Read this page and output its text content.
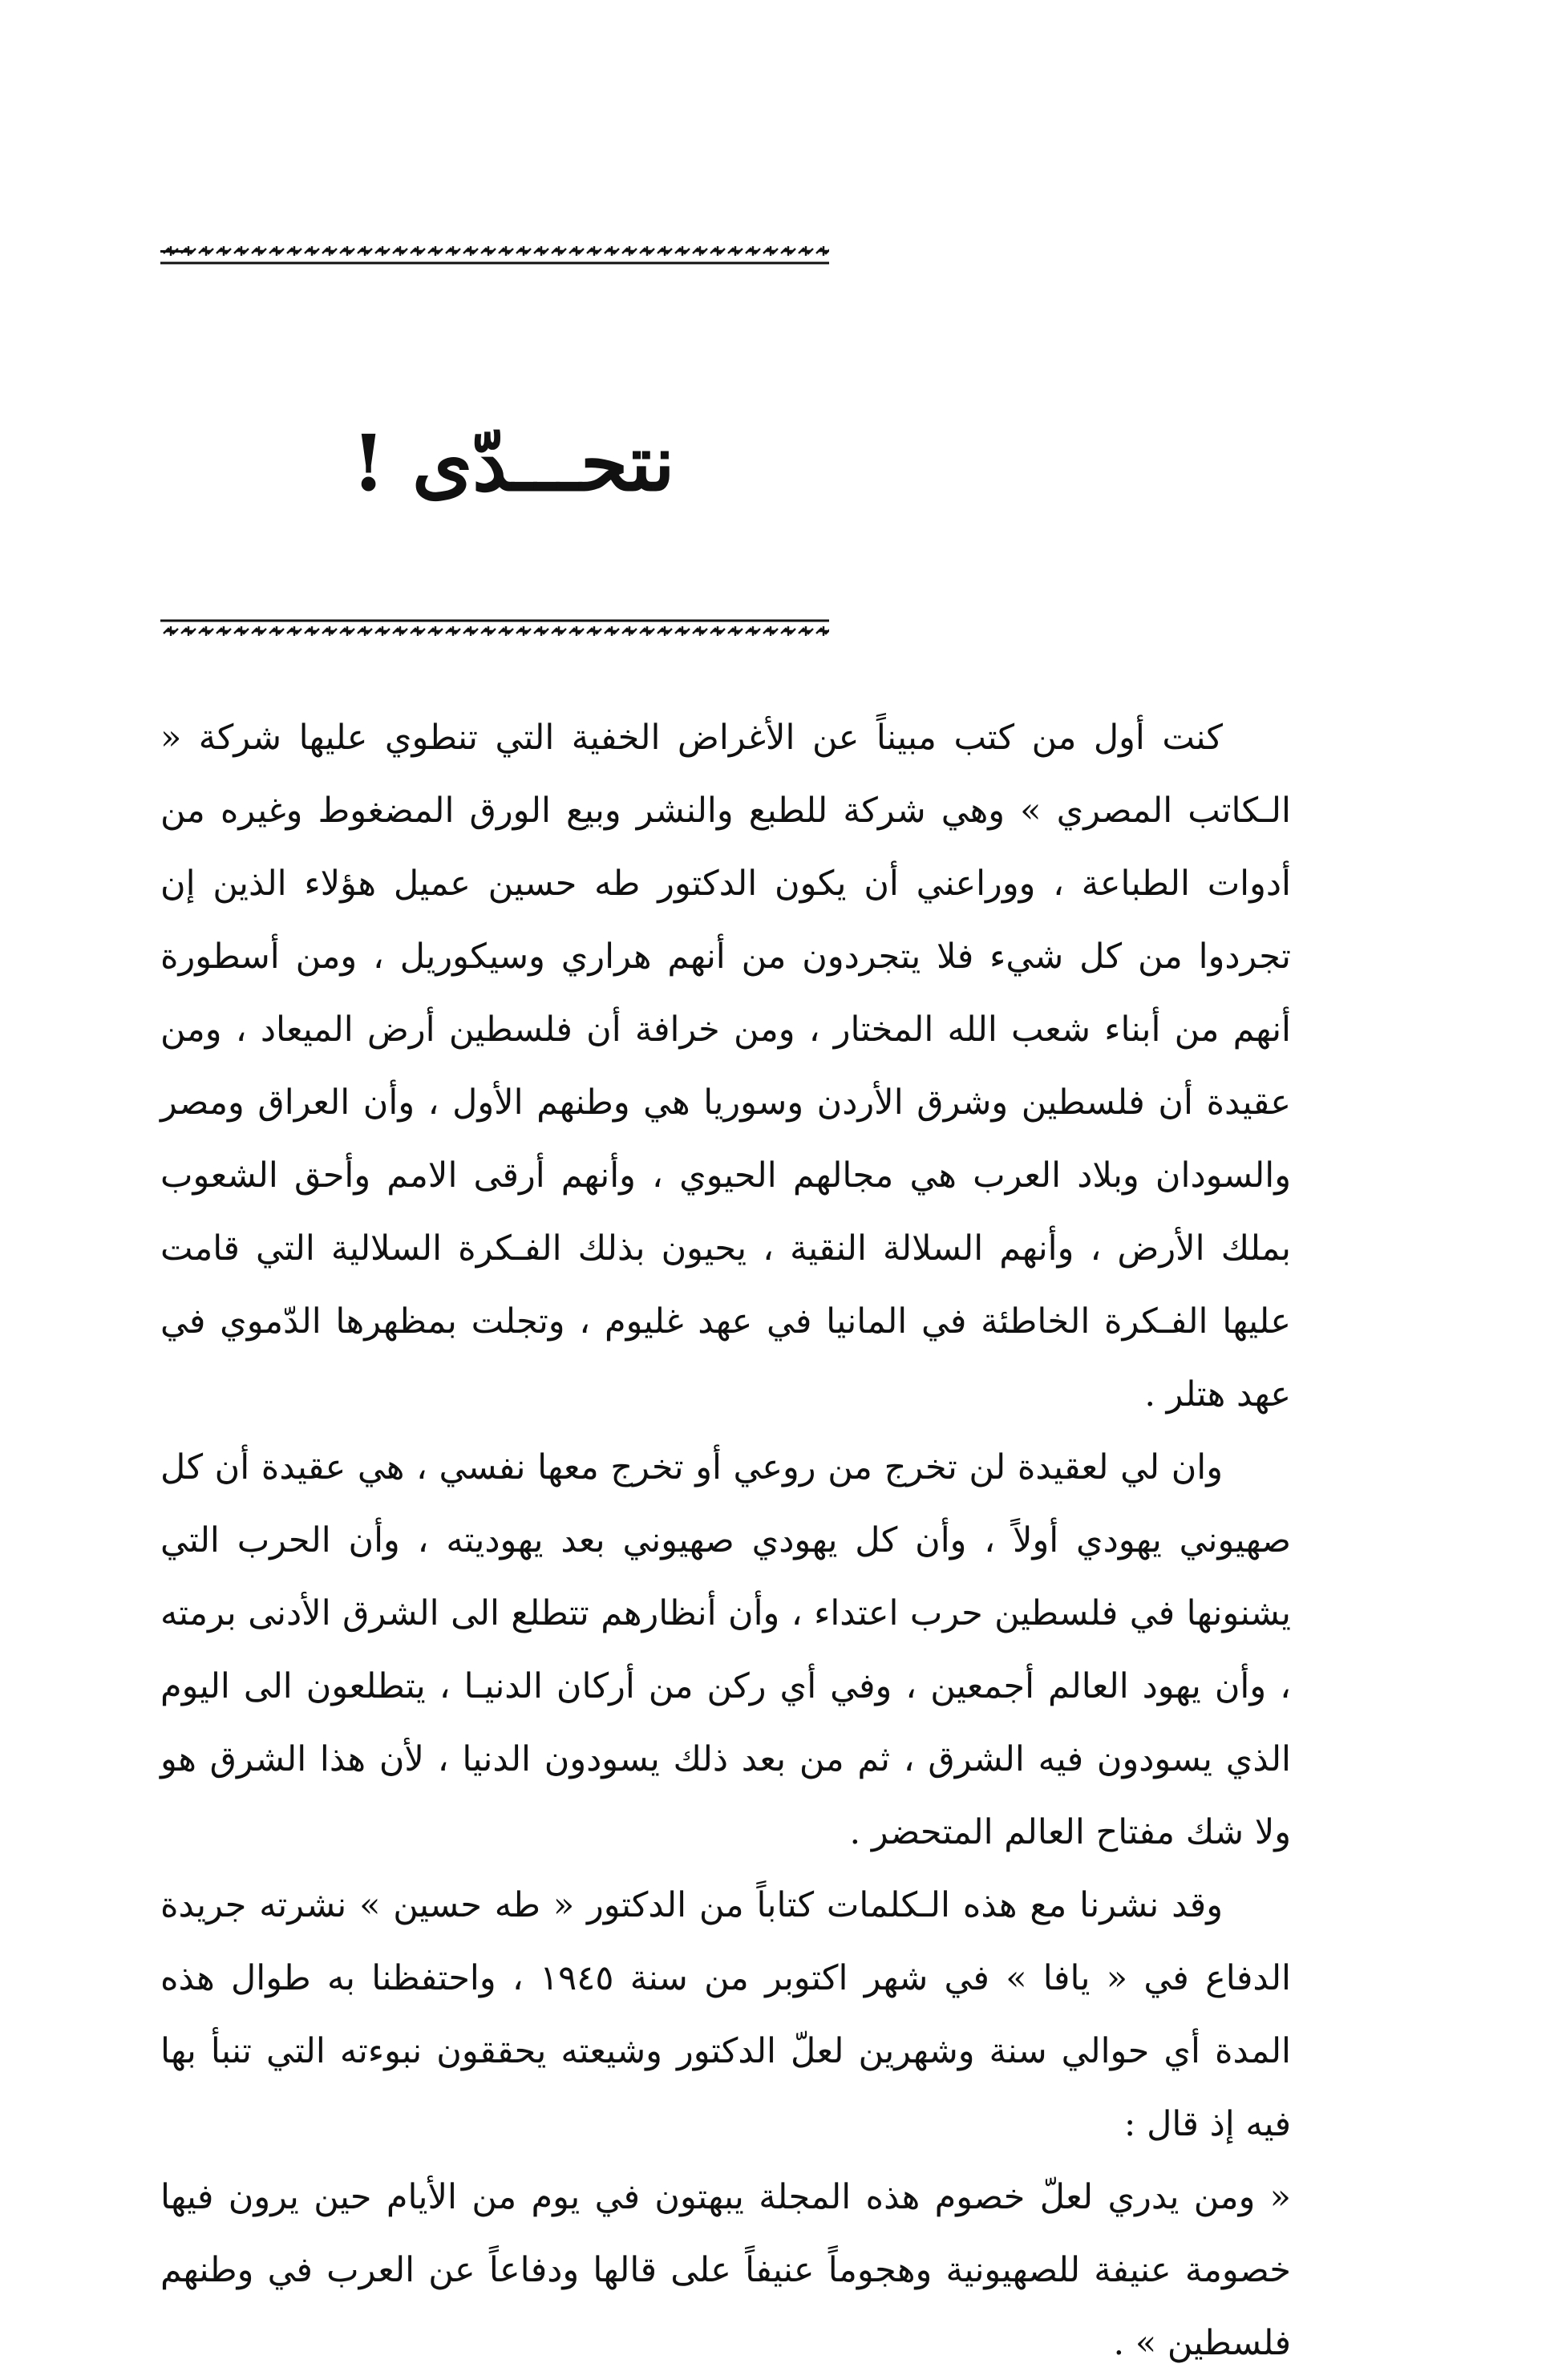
نتحـــدّى !

كنت أول من كتب مبيناً عن الأغراض الخفية التي تنطوي عليها شركة « الـكاتب المصري » وهي شركة للطبع والنشر وبيع الورق المضغوط وغيره من أدوات الطباعة ، ووراعني أن يكون الدكتور طه حسين عميل هؤلاء الذين إن تجردوا من كل شيء فلا يتجردون من أنهم هراري وسيكوريل ، ومن أسطورة أنهم من أبناء شعب الله المختار ، ومن خرافة أن فلسطين أرض الميعاد ، ومن عقيدة أن فلسطين وشرق الأردن وسوريا هي وطنهم الأول ، وأن العراق ومصر والسودان وبلاد العرب هي مجالهم الحيوي ، وأنهم أرقى الامم وأحق الشعوب بملك الأرض ، وأنهم السلالة النقية ، يحيون بذلك الفـكرة السلالية التي قامت عليها الفـكرة الخاطئة في المانيا في عهد غليوم ، وتجلت بمظهرها الدّموي في عهد هتلر .

وان لي لعقيدة لن تخرج من روعي أو تخرج معها نفسي ، هي عقيدة أن كل صهيوني يهودي أولاً ، وأن كل يهودي صهيوني بعد يهوديته ، وأن الحرب التي يشنونها في فلسطين حرب اعتداء ، وأن أنظارهم تتطلع الى الشرق الأدنى برمته ، وأن يهود العالم أجمعين ، وفي أي ركن من أركان الدنيـا ، يتطلعون الى اليوم الذي يسودون فيه الشرق ، ثم من بعد ذلك يسودون الدنيا ، لأن هذا الشرق هو ولا شك مفتاح العالم المتحضر .

وقد نشرنا مع هذه الـكلمات كتاباً من الدكتور « طه حسين » نشرته جريدة الدفاع في « يافا » في شهر اكتوبر من سنة ١٩٤٥ ، واحتفظنا به طوال هذه المدة أي حوالي سنة وشهرين لعلّ الدكتور وشيعته يحققون نبوءته التي تنبأ بها فيه إذ قال :

« ومن يدري لعلّ خصوم هذه المجلة يبهتون في يوم من الأيام حين يرون فيها خصومة عنيفة للصهيونية وهجوماً عنيفاً على قالها ودفاعاً عن العرب في وطنهم فلسطين » .
